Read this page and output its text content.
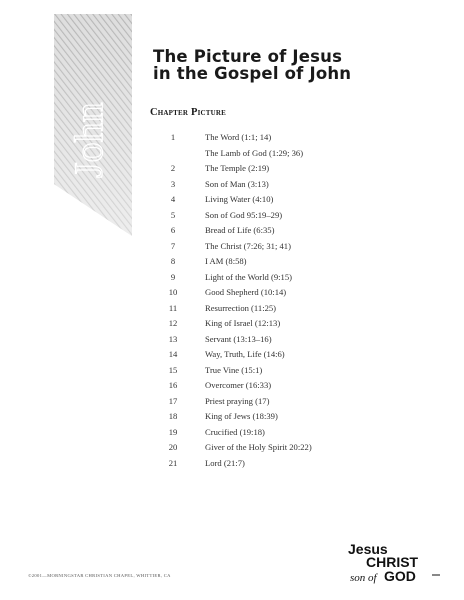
John
The Picture of Jesus
in the Gospel of John
Chapter Picture
1	The Word (1:1; 14)
The Lamb of God (1:29; 36)
2	The Temple (2:19)
3	Son of Man (3:13)
4	Living Water (4:10)
5	Son of God 95:19–29)
6	Bread of Life (6:35)
7	The Christ (7:26; 31; 41)
8	I AM (8:58)
9	Light of the World (9:15)
10	Good Shepherd (10:14)
11	Resurrection (11:25)
12	King of Israel (12:13)
13	Servant (13:13–16)
14	Way, Truth, Life (14:6)
15	True Vine (15:1)
16	Overcomer (16:33)
17	Priest praying (17)
18	King of Jews (18:39)
19	Crucified (19:18)
20	Giver of the Holy Spirit 20:22)
21	Lord (21:7)
©2001—MORNINGSTAR CHRISTIAN CHAPEL, WHITTIER, CA
Jesus
CHRIST
son of GOD
